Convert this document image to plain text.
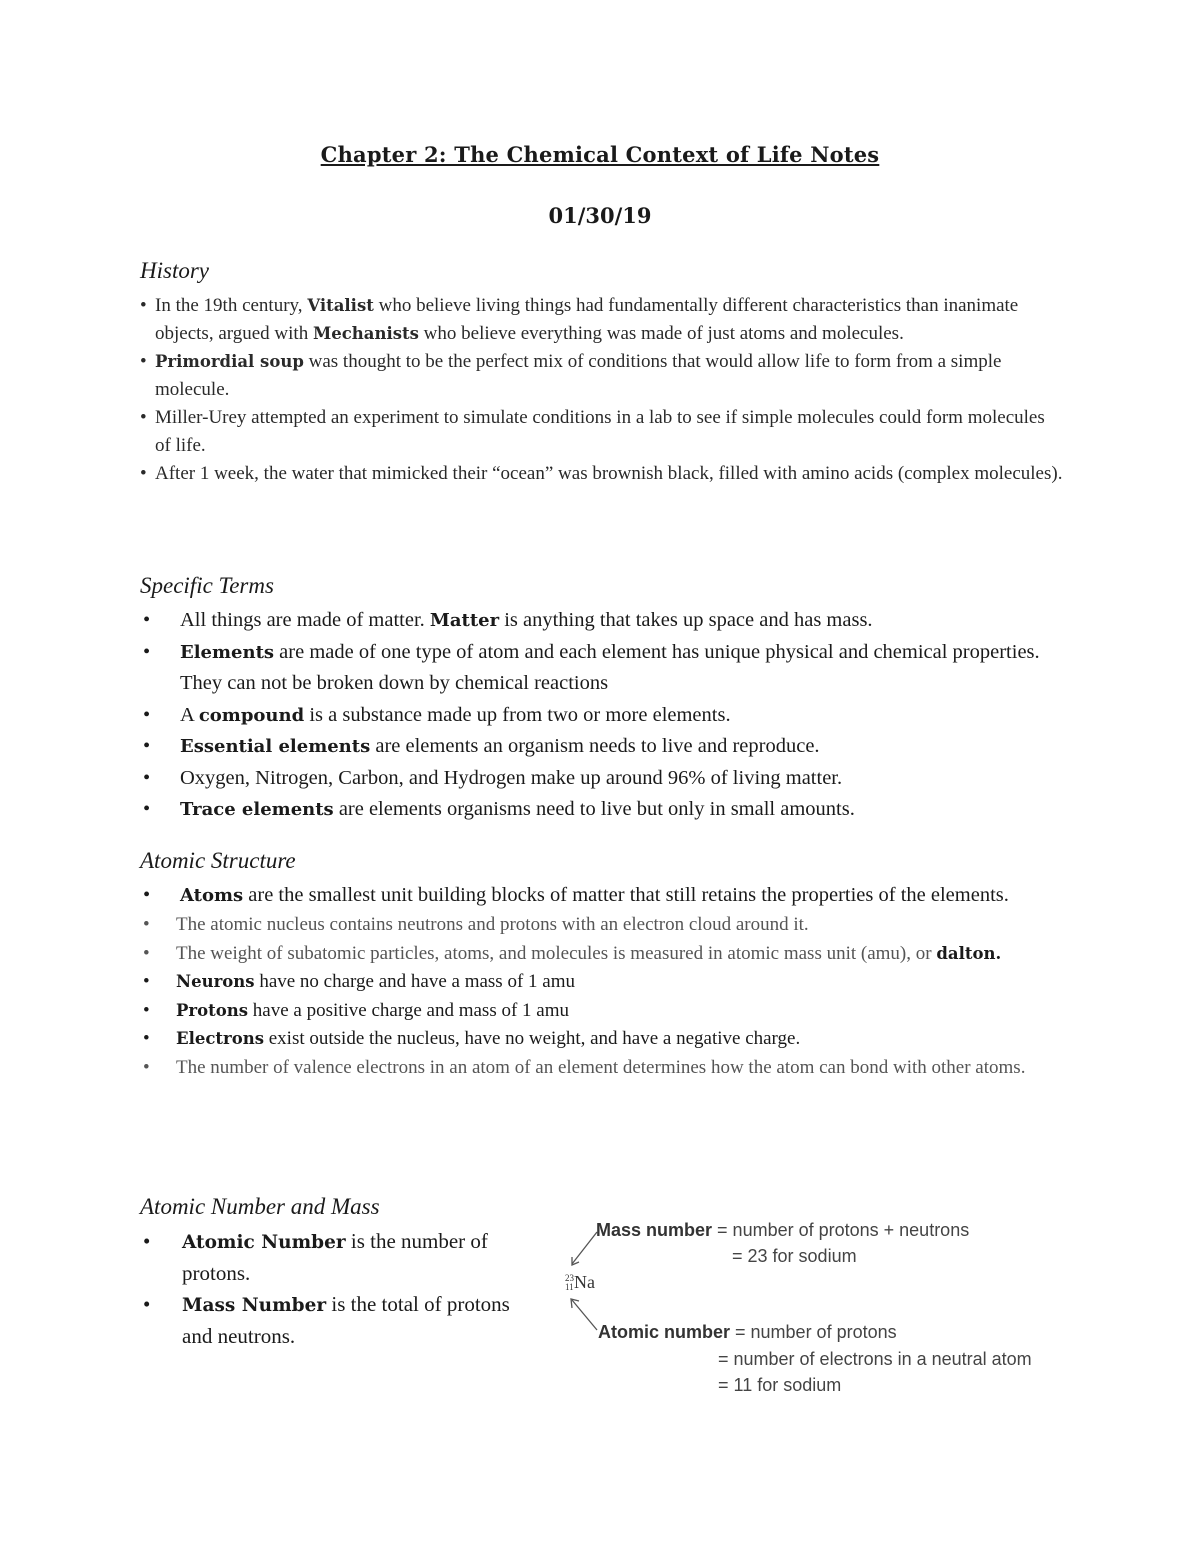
Chapter 2: The Chemical Context of Life Notes
01/30/19
History
• In the 19th century, Vitalist who believe living things had fundamentally different characteristics than inanimate objects, argued with Mechanists who believe everything was made of just atoms and molecules.
• Primordial soup was thought to be the perfect mix of conditions that would allow life to form from a simple molecule.
• Miller-Urey attempted an experiment to simulate conditions in a lab to see if simple molecules could form molecules of life.
• After 1 week, the water that mimicked their “ocean” was brownish black, filled with amino acids (complex molecules).
Specific Terms
• All things are made of matter. Matter is anything that takes up space and has mass.
• Elements are made of one type of atom and each element has unique physical and chemical properties. They can not be broken down by chemical reactions
• A compound is a substance made up from two or more elements.
• Essential elements are elements an organism needs to live and reproduce.
• Oxygen, Nitrogen, Carbon, and Hydrogen make up around 96% of living matter.
• Trace elements are elements organisms need to live but only in small amounts.
Atomic Structure
• Atoms are the smallest unit building blocks of matter that still retains the properties of the elements.
• The atomic nucleus contains neutrons and protons with an electron cloud around it.
• The weight of subatomic particles, atoms, and molecules is measured in atomic mass unit (amu), or dalton.
• Neurons have no charge and have a mass of 1 amu
• Protons have a positive charge and mass of 1 amu
• Electrons exist outside the nucleus, have no weight, and have a negative charge.
• The number of valence electrons in an atom of an element determines how the atom can bond with other atoms.
Atomic Number and Mass
• Atomic Number is the number of protons.
• Mass Number is the total of protons and neutrons.
Mass number = number of protons + neutrons
= 23 for sodium
23
11 Na
Atomic number = number of protons
= number of electrons in a neutral atom
= 11 for sodium
